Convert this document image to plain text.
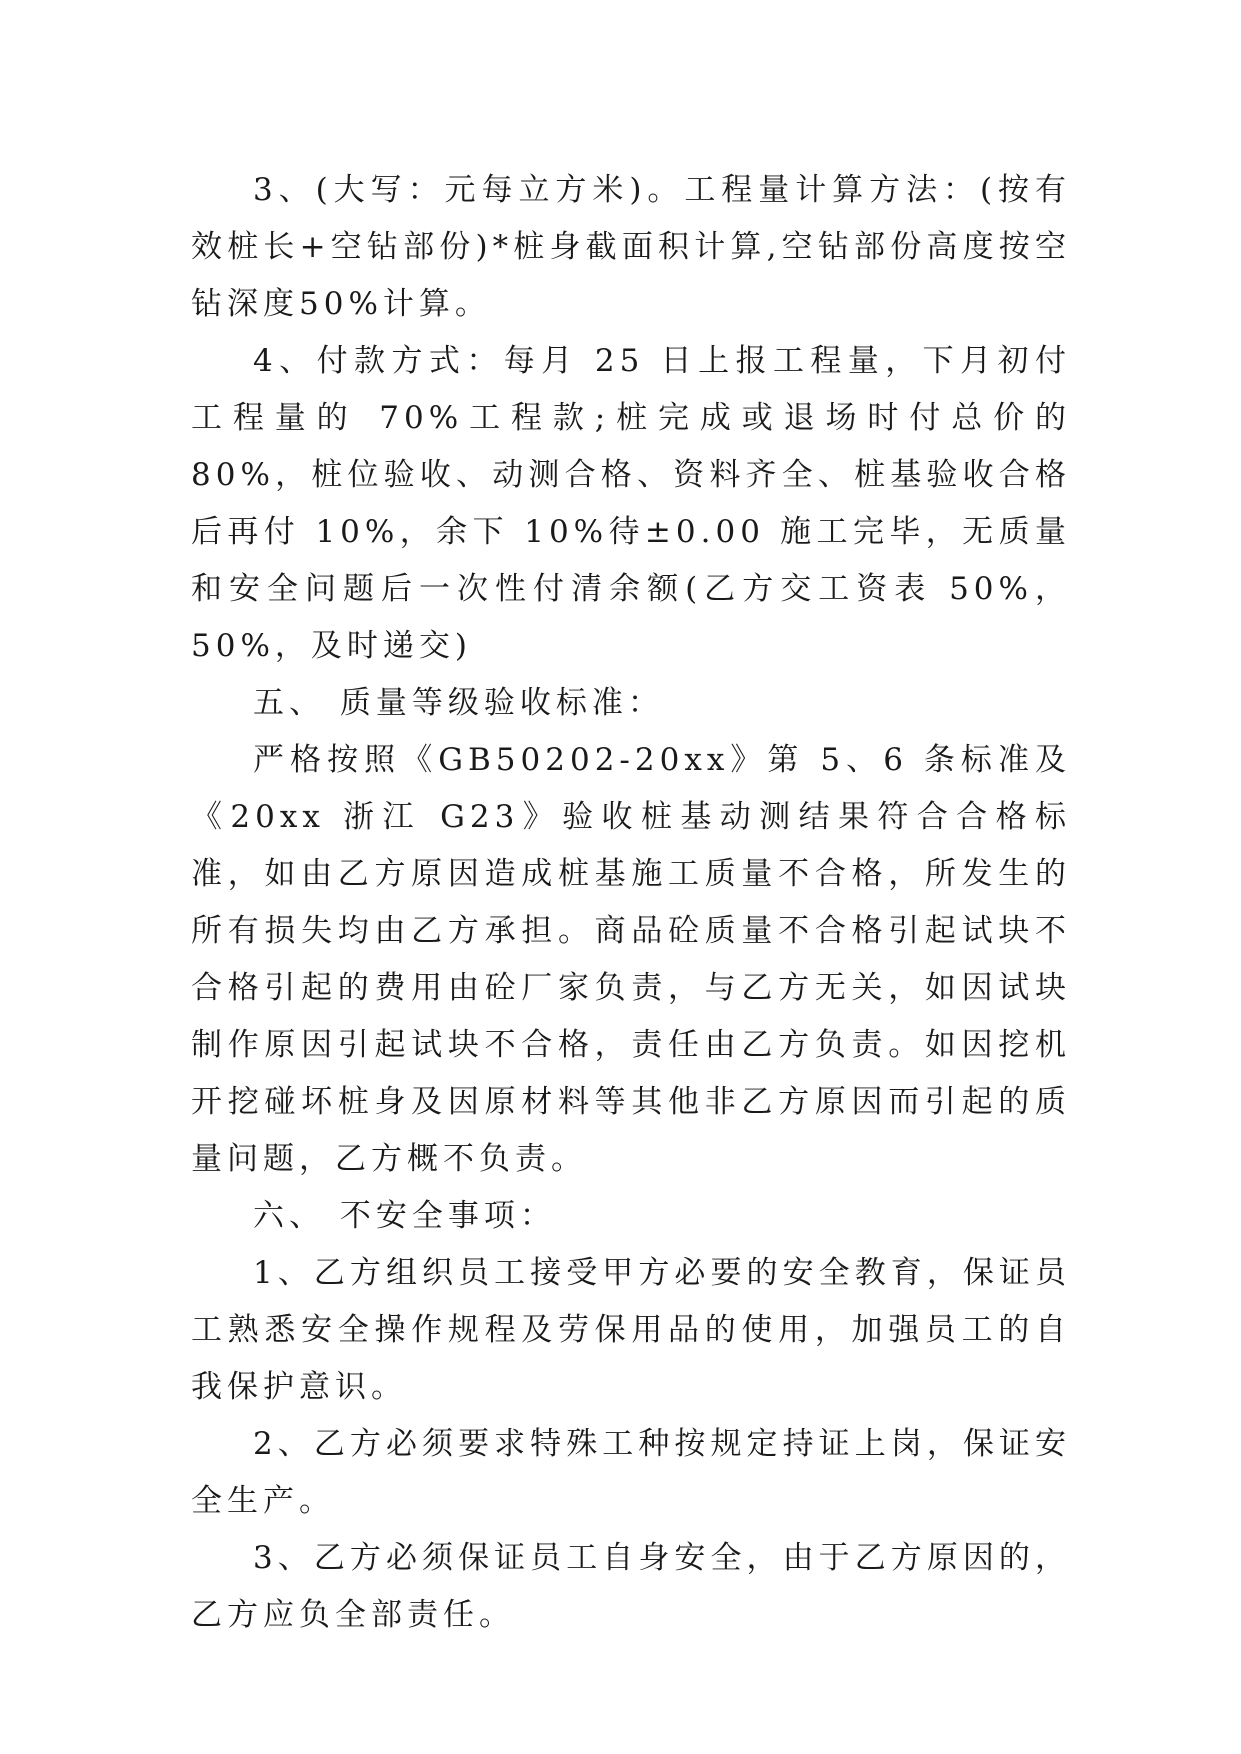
3、(大写：元每立方米)。工程量计算方法：(按有效桩长+空钻部份)*桩身截面积计算,空钻部份高度按空钻深度50%计算。

4、付款方式：每月 25 日上报工程量，下月初付工程量的 70%工程款;桩完成或退场时付总价的 80%，桩位验收、动测合格、资料齐全、桩基验收合格后再付 10%，余下 10%待±0.00 施工完毕，无质量和安全问题后一次性付清余额(乙方交工资表 50%，50%，及时递交)

五、 质量等级验收标准：

严格按照《GB50202-20xx》第 5、6 条标准及《20xx 浙江 G23》验收桩基动测结果符合合格标准，如由乙方原因造成桩基施工质量不合格，所发生的所有损失均由乙方承担。商品砼质量不合格引起试块不合格引起的费用由砼厂家负责，与乙方无关，如因试块制作原因引起试块不合格，责任由乙方负责。如因挖机开挖碰坏桩身及因原材料等其他非乙方原因而引起的质量问题，乙方概不负责。

六、 不安全事项：

1、乙方组织员工接受甲方必要的安全教育，保证员工熟悉安全操作规程及劳保用品的使用，加强员工的自我保护意识。

2、乙方必须要求特殊工种按规定持证上岗，保证安全生产。

3、乙方必须保证员工自身安全，由于乙方原因的，乙方应负全部责任。
